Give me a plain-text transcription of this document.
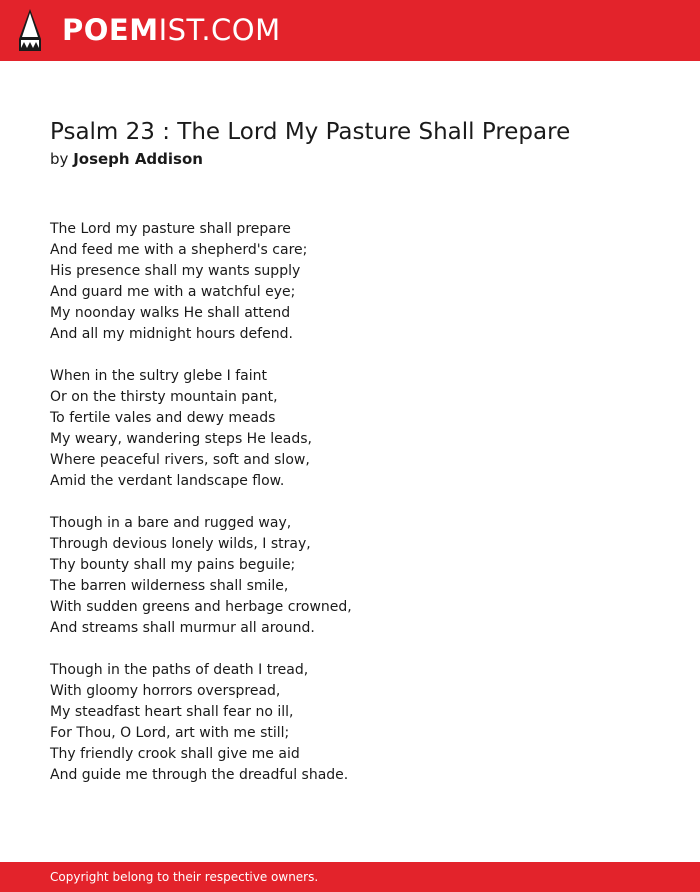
POEMIST.COM
Psalm 23 : The Lord My Pasture Shall Prepare
by Joseph Addison
The Lord my pasture shall prepare
And feed me with a shepherd's care;
His presence shall my wants supply
And guard me with a watchful eye;
My noonday walks He shall attend
And all my midnight hours defend.
When in the sultry glebe I faint
Or on the thirsty mountain pant,
To fertile vales and dewy meads
My weary, wandering steps He leads,
Where peaceful rivers, soft and slow,
Amid the verdant landscape flow.
Though in a bare and rugged way,
Through devious lonely wilds, I stray,
Thy bounty shall my pains beguile;
The barren wilderness shall smile,
With sudden greens and herbage crowned,
And streams shall murmur all around.
Though in the paths of death I tread,
With gloomy horrors overspread,
My steadfast heart shall fear no ill,
For Thou, O Lord, art with me still;
Thy friendly crook shall give me aid
And guide me through the dreadful shade.
Copyright belong to their respective owners.
